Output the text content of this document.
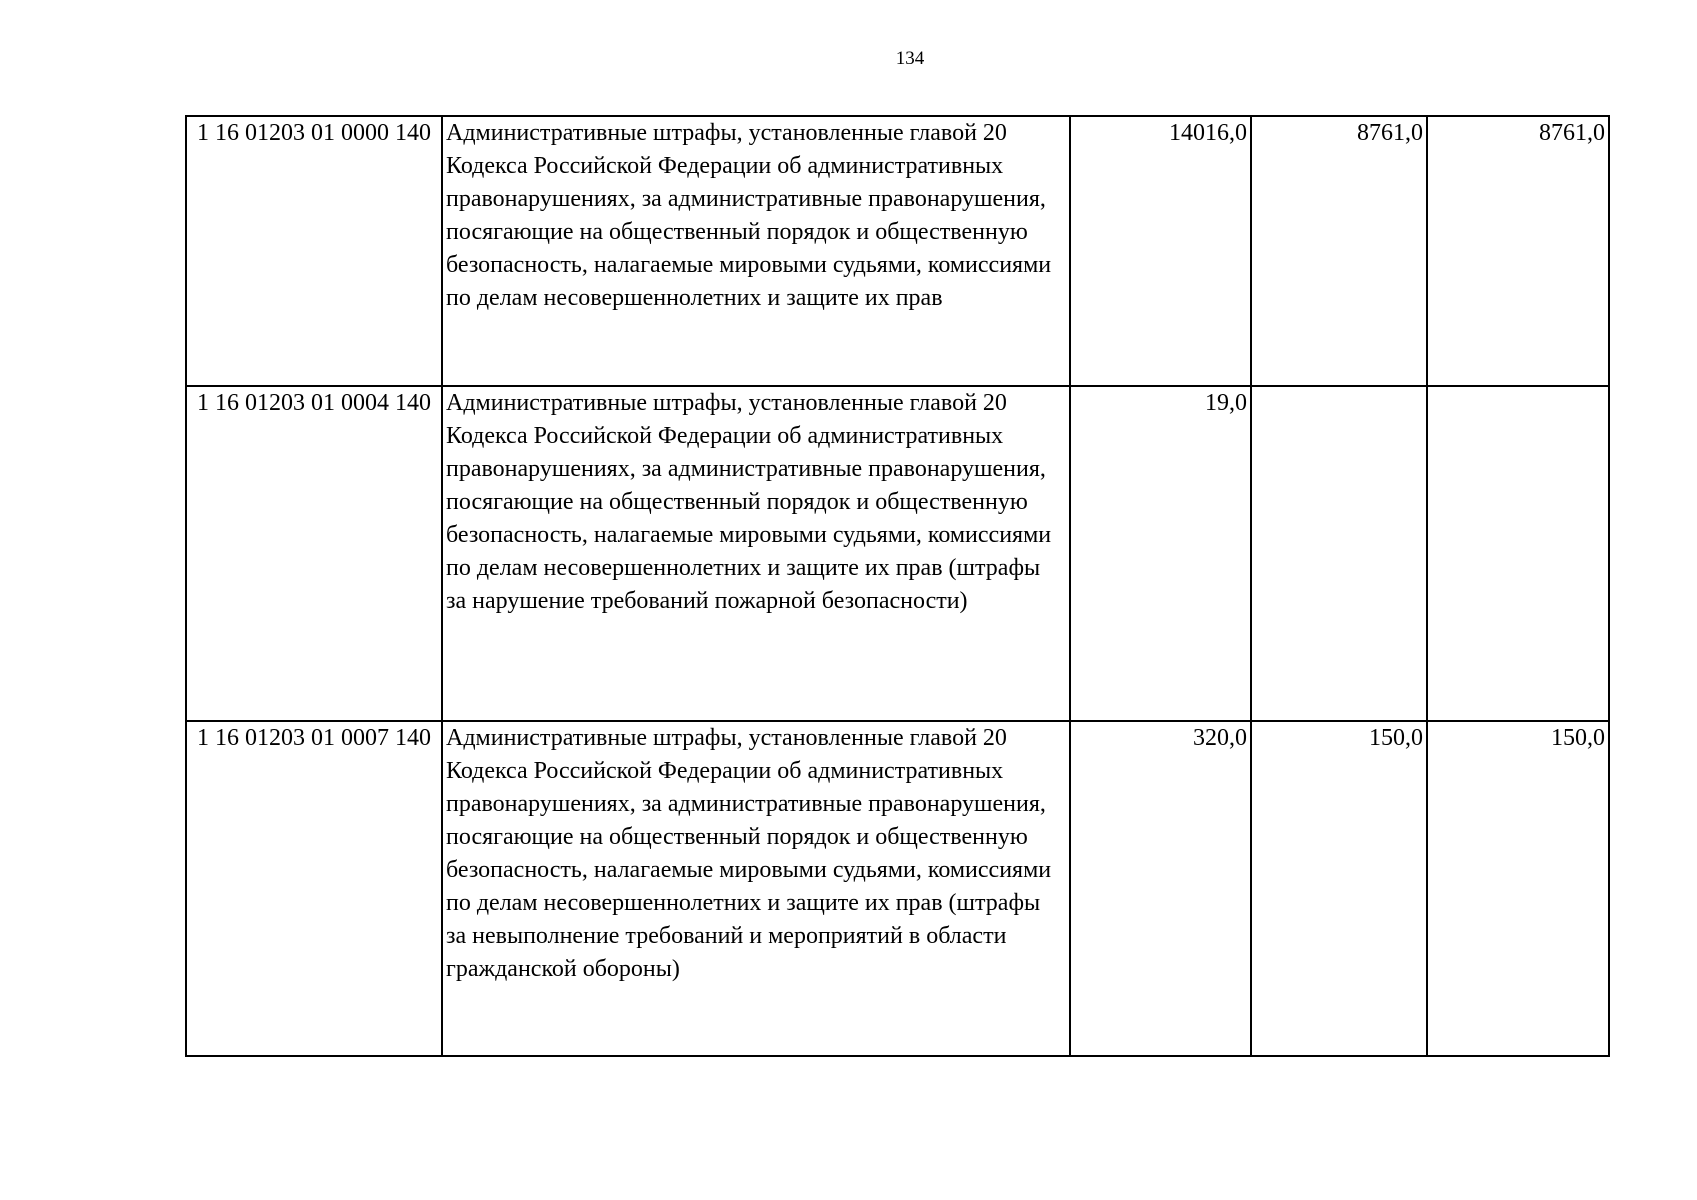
134
1 16 01203 01 0000 140	Административные штрафы, установленные главой 20 Кодекса Российской Федерации об административных правонарушениях, за административные правонарушения, посягающие на общественный порядок и общественную безопасность, налагаемые мировыми судьями, комиссиями по делам несовершеннолетних и защите их прав	14016,0	8761,0	8761,0
1 16 01203 01 0004 140	Административные штрафы, установленные главой 20 Кодекса Российской Федерации об административных правонарушениях, за административные правонарушения, посягающие на общественный порядок и общественную безопасность, налагаемые мировыми судьями, комиссиями по делам несовершеннолетних и защите их прав (штрафы за нарушение требований пожарной безопасности)	19,0		
1 16 01203 01 0007 140	Административные штрафы, установленные главой 20 Кодекса Российской Федерации об административных правонарушениях, за административные правонарушения, посягающие на общественный порядок и общественную безопасность, налагаемые мировыми судьями, комиссиями по делам несовершеннолетних и защите их прав (штрафы за невыполнение требований и мероприятий в области гражданской обороны)	320,0	150,0	150,0
